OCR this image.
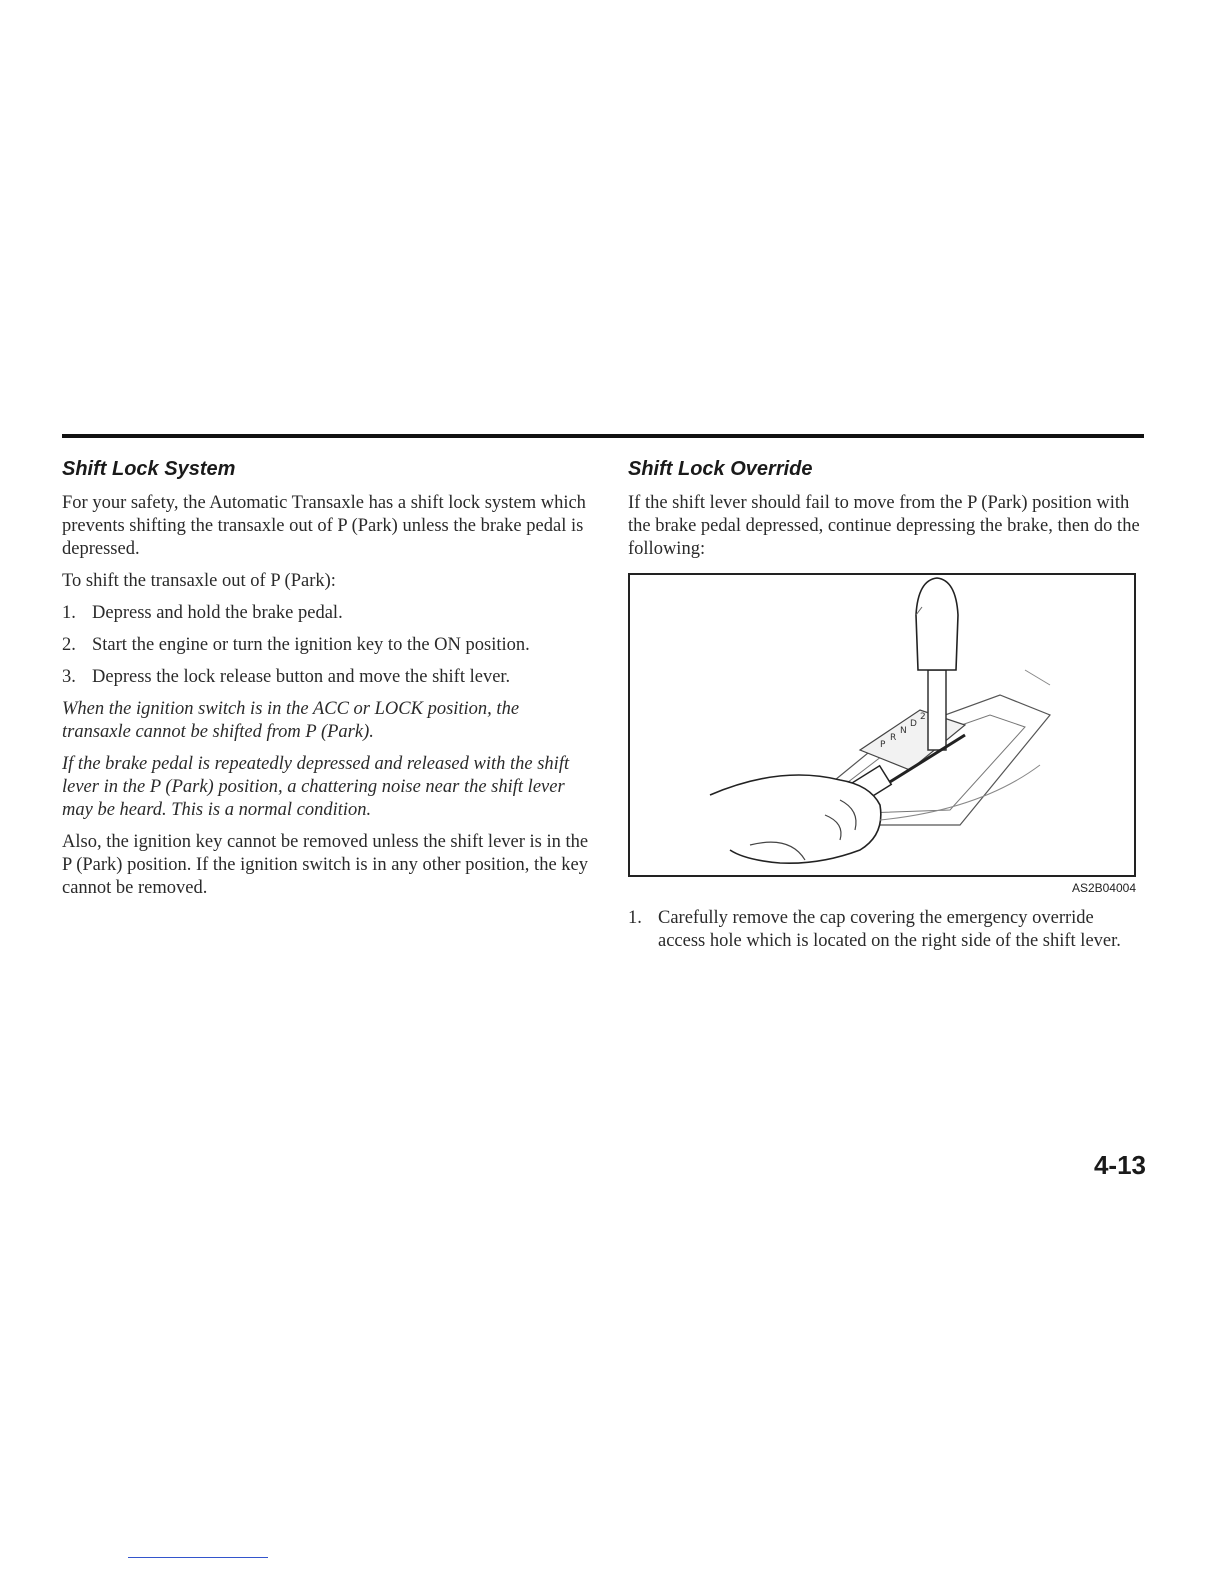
Shift Lock System

For your safety, the Automatic Transaxle has a shift lock system which prevents shifting the transaxle out of P (Park) unless the brake pedal is depressed.

To shift the transaxle out of P (Park):

1. Depress and hold the brake pedal.
2. Start the engine or turn the ignition key to the ON position.
3. Depress the lock release button and move the shift lever.

When the ignition switch is in the ACC or LOCK position, the transaxle cannot be shifted from P (Park).

If the brake pedal is repeatedly depressed and released with the shift lever in the P (Park) position, a chattering noise near the shift lever may be heard. This is a normal condition.

Also, the ignition key cannot be removed unless the shift lever is in the P (Park) position. If the ignition switch is in any other position, the key cannot be removed.

Shift Lock Override

If the shift lever should fail to move from the P (Park) position with the brake pedal depressed, continue depressing the brake, then do the following:

P
R
N
D
2
AS2B04004
1. Carefully remove the cap covering the emergency override access hole which is located on the right side of the shift lever.
4-13
